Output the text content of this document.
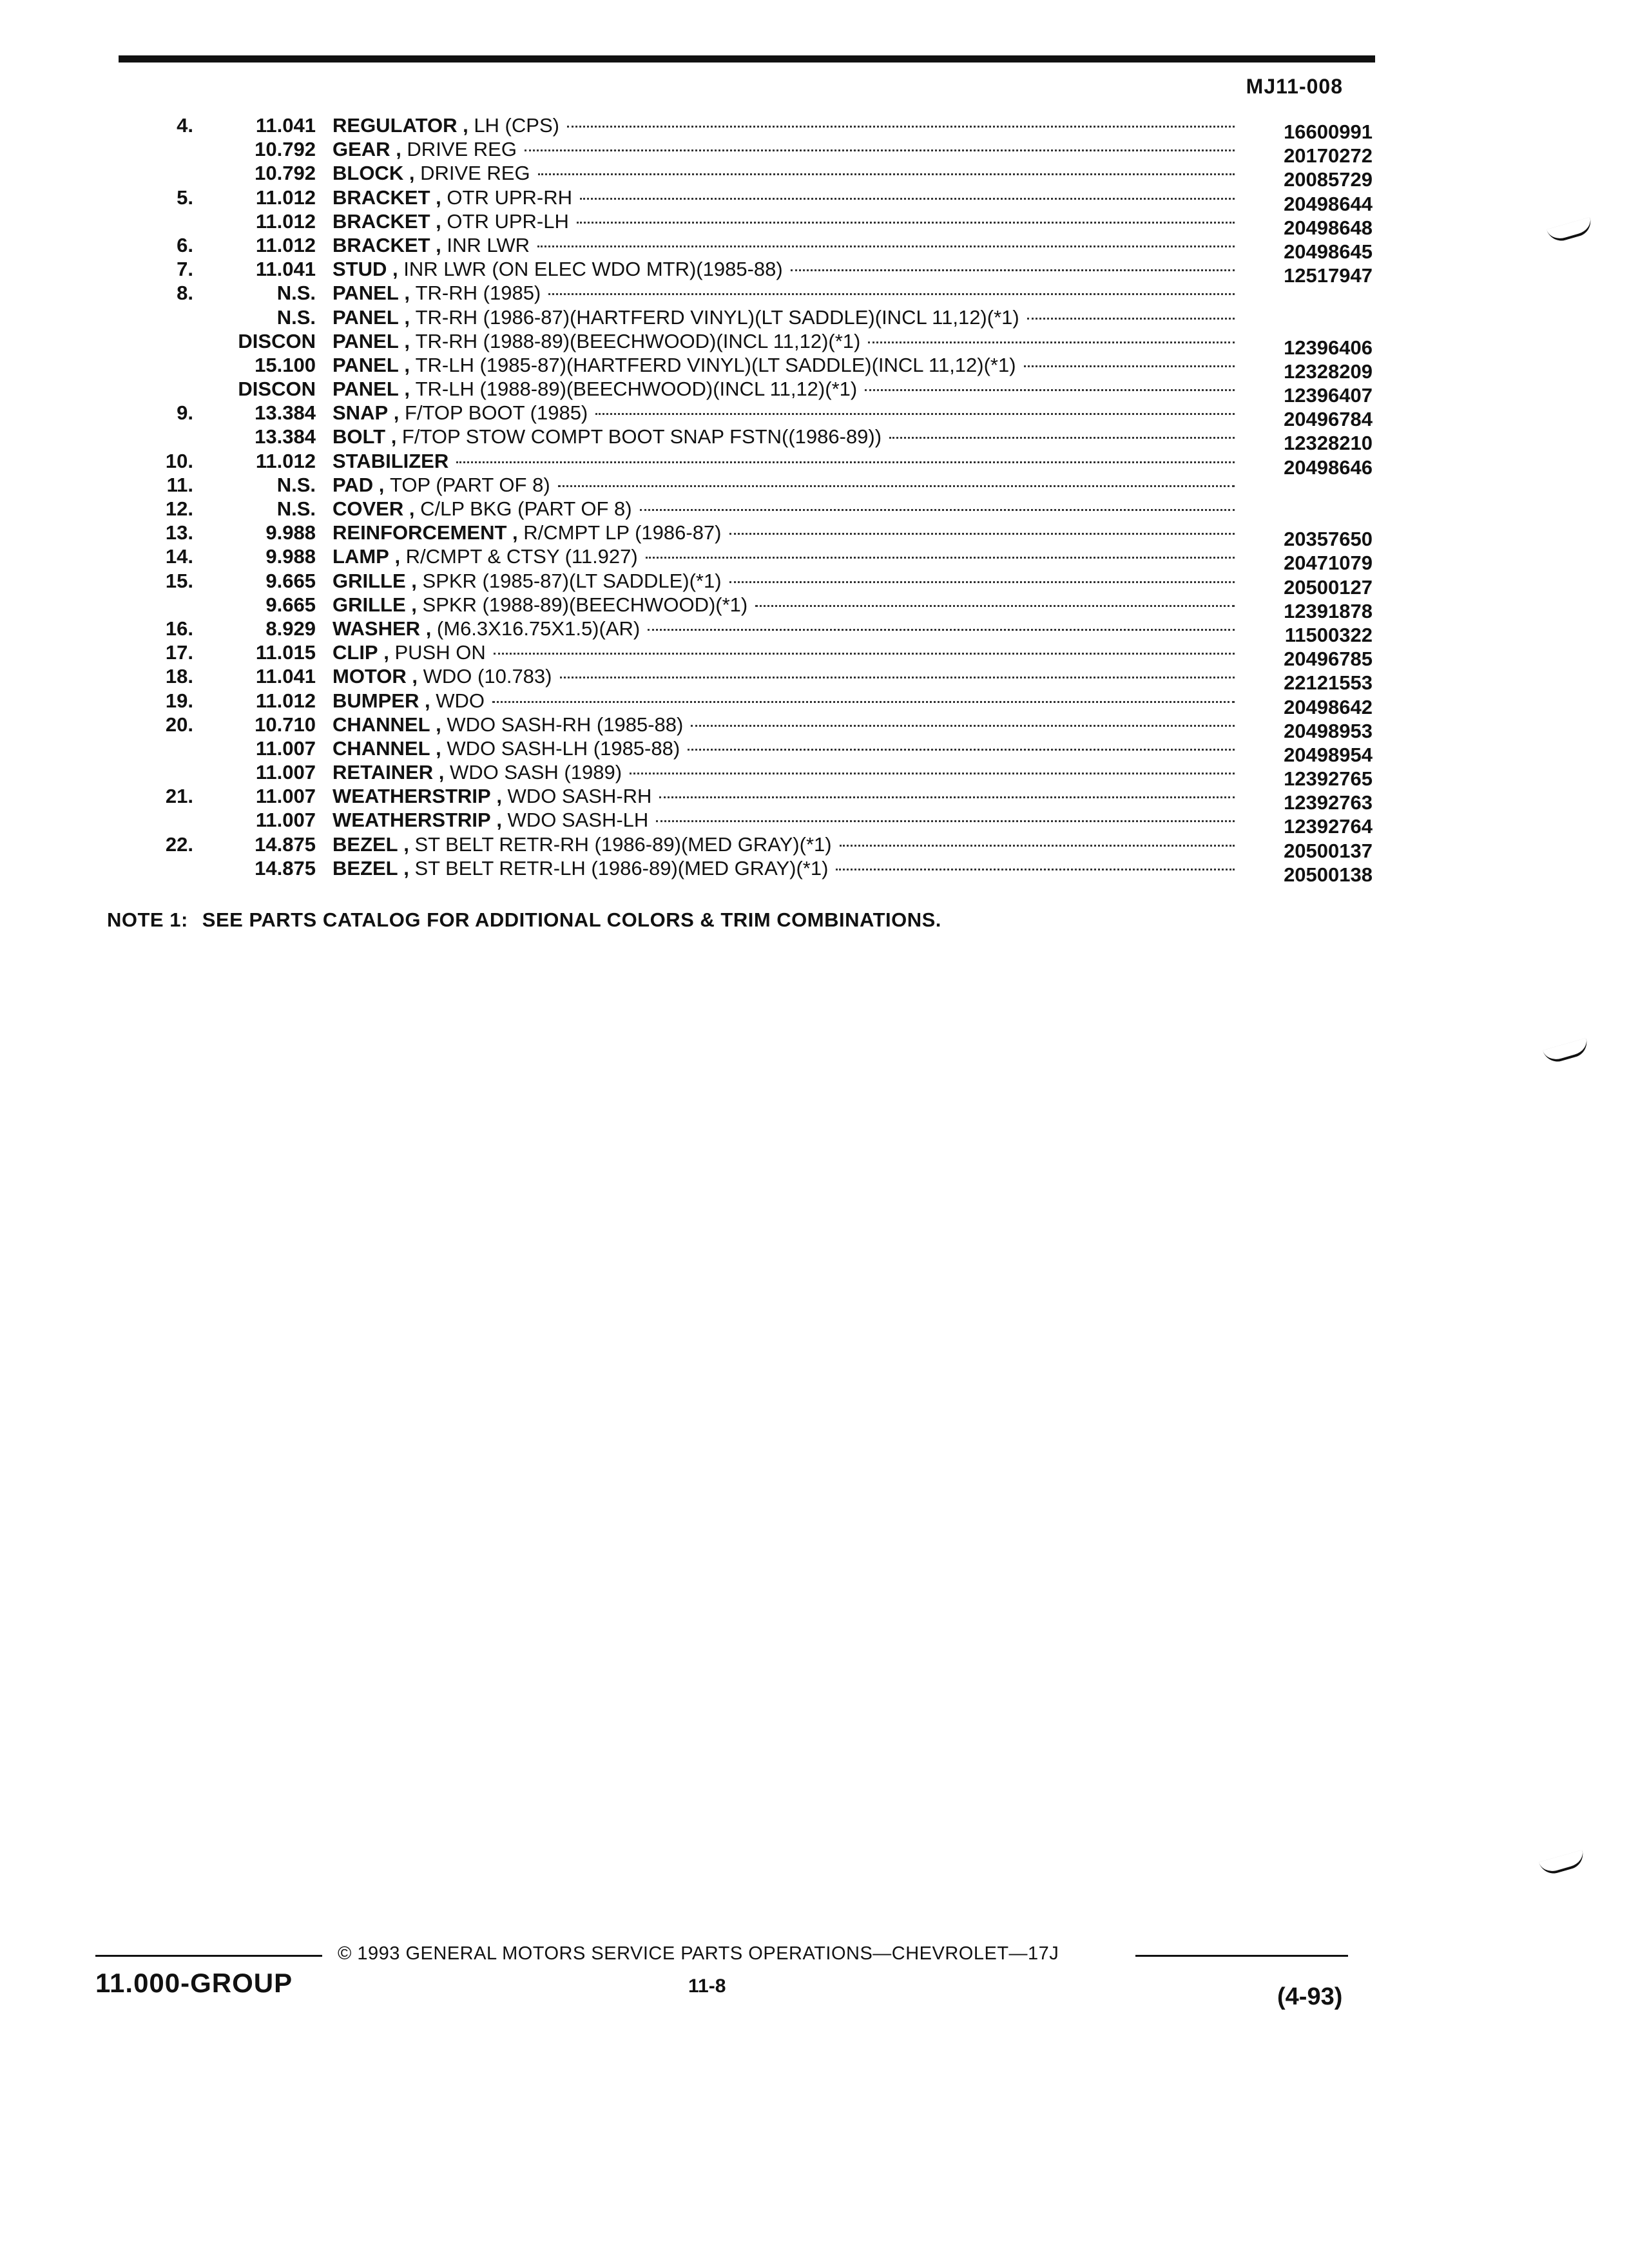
MJ11-008
4.	11.041 REGULATOR , LH (CPS)	16600991
10.792 GEAR , DRIVE REG	20170272
10.792 BLOCK , DRIVE REG	20085729
5.	11.012 BRACKET , OTR UPR-RH	20498644
11.012 BRACKET , OTR UPR-LH	20498648
6.	11.012 BRACKET , INR LWR	20498645
7.	11.041 STUD , INR LWR (ON ELEC WDO MTR)(1985-88)	12517947
8.	N.S. PANEL , TR-RH (1985)
N.S. PANEL , TR-RH (1986-87)(HARTFERD VINYL)(LT SADDLE)(INCL 11,12)(*1)
DISCON PANEL , TR-RH (1988-89)(BEECHWOOD)(INCL 11,12)(*1)	12396406
15.100 PANEL , TR-LH (1985-87)(HARTFERD VINYL)(LT SADDLE)(INCL 11,12)(*1)	12328209
DISCON PANEL , TR-LH (1988-89)(BEECHWOOD)(INCL 11,12)(*1)	12396407
9.	13.384 SNAP , F/TOP BOOT (1985)	20496784
13.384 BOLT , F/TOP STOW COMPT BOOT SNAP FSTN((1986-89))	12328210
10.	11.012 STABILIZER	20498646
11.	N.S. PAD , TOP (PART OF 8)
12.	N.S. COVER , C/LP BKG (PART OF 8)
13.	9.988 REINFORCEMENT , R/CMPT LP (1986-87)	20357650
14.	9.988 LAMP , R/CMPT & CTSY (11.927)	20471079
15.	9.665 GRILLE , SPKR (1985-87)(LT SADDLE)(*1)	20500127
9.665 GRILLE , SPKR (1988-89)(BEECHWOOD)(*1)	12391878
16.	8.929 WASHER , (M6.3X16.75X1.5)(AR)	11500322
17.	11.015 CLIP , PUSH ON	20496785
18.	11.041 MOTOR , WDO (10.783)	22121553
19.	11.012 BUMPER , WDO	20498642
20.	10.710 CHANNEL , WDO SASH-RH (1985-88)	20498953
11.007 CHANNEL , WDO SASH-LH (1985-88)	20498954
11.007 RETAINER , WDO SASH (1989)	12392765
21.	11.007 WEATHERSTRIP , WDO SASH-RH	12392763
11.007 WEATHERSTRIP , WDO SASH-LH	12392764
22.	14.875 BEZEL , ST BELT RETR-RH (1986-89)(MED GRAY)(*1)	20500137
14.875 BEZEL , ST BELT RETR-LH (1986-89)(MED GRAY)(*1)	20500138
NOTE 1: SEE PARTS CATALOG FOR ADDITIONAL COLORS & TRIM COMBINATIONS.
© 1993 GENERAL MOTORS SERVICE PARTS OPERATIONS—CHEVROLET—17J
11.000-GROUP	11-8	(4-93)
